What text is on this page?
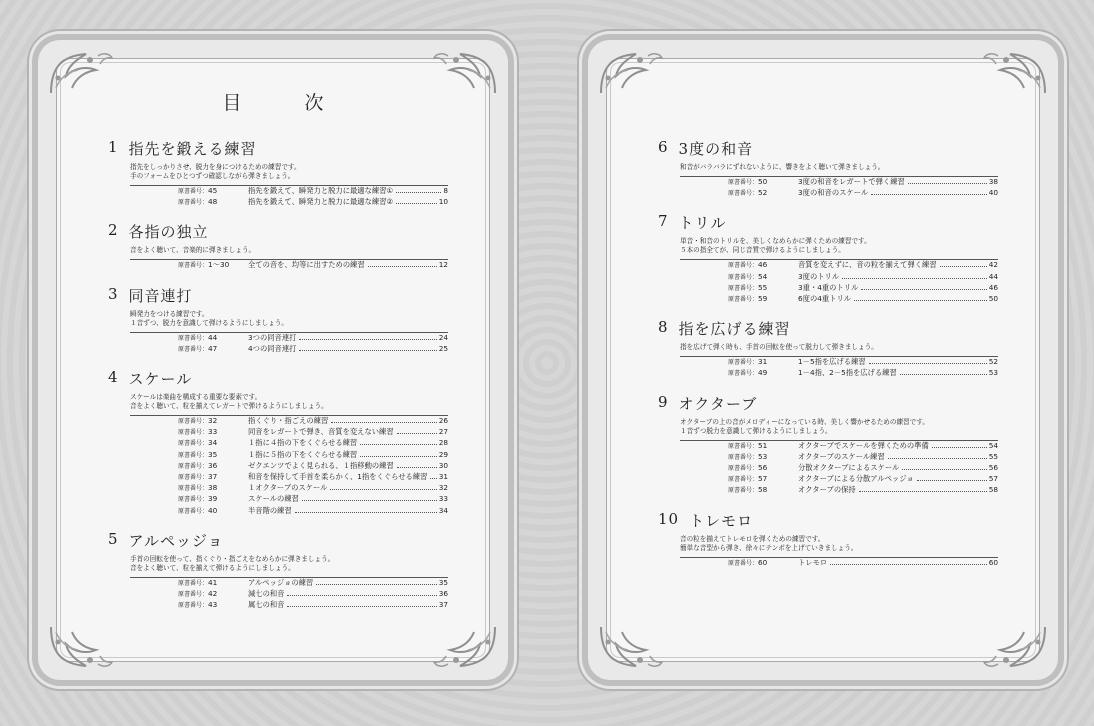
目　次
1 指先を鍛える練習
指先をしっかりさせ、脱力を身につけるための練習です。
手のフォームをひとつずつ確認しながら弾きましょう。
原書番号：45	指先を鍛えて、瞬発力と脱力に最適な練習①	8
原書番号：48	指先を鍛えて、瞬発力と脱力に最適な練習②	10
2 各指の独立
音をよく聴いて、音楽的に弾きましょう。
原書番号：1～30	全ての音を、均等に出すための練習	12
3 同音連打
瞬発力をつける練習です。
１音ずつ、脱力を意識して弾けるようにしましょう。
原書番号：44	3つの同音連打	24
原書番号：47	4つの同音連打	25
4 スケール
スケールは楽曲を構成する重要な要素です。
音をよく聴いて、粒を揃えてレガートで弾けるようにしましょう。
原書番号：32	指くぐり・指ごえの練習	26
原書番号：33	同音をレガートで弾き、音質を変えない練習	27
原書番号：34	１指に４指の下をくぐらせる練習	28
原書番号：35	１指に５指の下をくぐらせる練習	29
原書番号：36	ゼクエンツでよく見られる、１指移動の練習	30
原書番号：37	和音を保持して手首を柔らかく、1指をくぐらせる練習 31
原書番号：38	１オクターブのスケール	32
原書番号：39	スケールの練習	33
原書番号：40	半音階の練習	34
5 アルペッジョ
手首の回転を使って、指くぐり・指ごえをなめらかに弾きましょう。
音をよく聴いて、粒を揃えて弾けるようにしましょう。
原書番号：41	アルペッジョの練習	35
原書番号：42	減七の和音	36
原書番号：43	属七の和音	37
6 3度の和音
和音がバラバラにずれないように、響きをよく聴いて弾きましょう。
原書番号：50	3度の和音をレガートで弾く練習	38
原書番号：52	3度の和音のスケール	40
7 トリル
単音・和音のトリルを、美しくなめらかに弾くための練習です。
５本の指全てが、同じ音質で弾けるようにしましょう。
原書番号：46	音質を変えずに、音の粒を揃えて弾く練習	42
原書番号：54	3度のトリル	44
原書番号：55	3重・4重のトリル	46
原書番号：59	6度の4重トリル	50
8 指を広げる練習
指を広げて弾く時も、手首の回転を使って脱力して弾きましょう。
原書番号：31	1－5指を広げる練習	52
原書番号：49	1－4指、2－5指を広げる練習	53
9 オクターブ
オクターブの上の音がメロディーになっている時、美しく響かせるための練習です。
１音ずつ脱力を意識して弾けるようにしましょう。
原書番号：51	オクターブでスケールを弾くための準備	54
原書番号：53	オクターブのスケール練習	55
原書番号：56	分散オクターブによるスケール	56
原書番号：57	オクターブによる分散アルペッジョ	57
原書番号：58	オクターブの保持	58
10 トレモロ
音の粒を揃えてトレモロを弾くための練習です。
簡単な音型から弾き、徐々にテンポを上げていきましょう。
原書番号：60	トレモロ	60
